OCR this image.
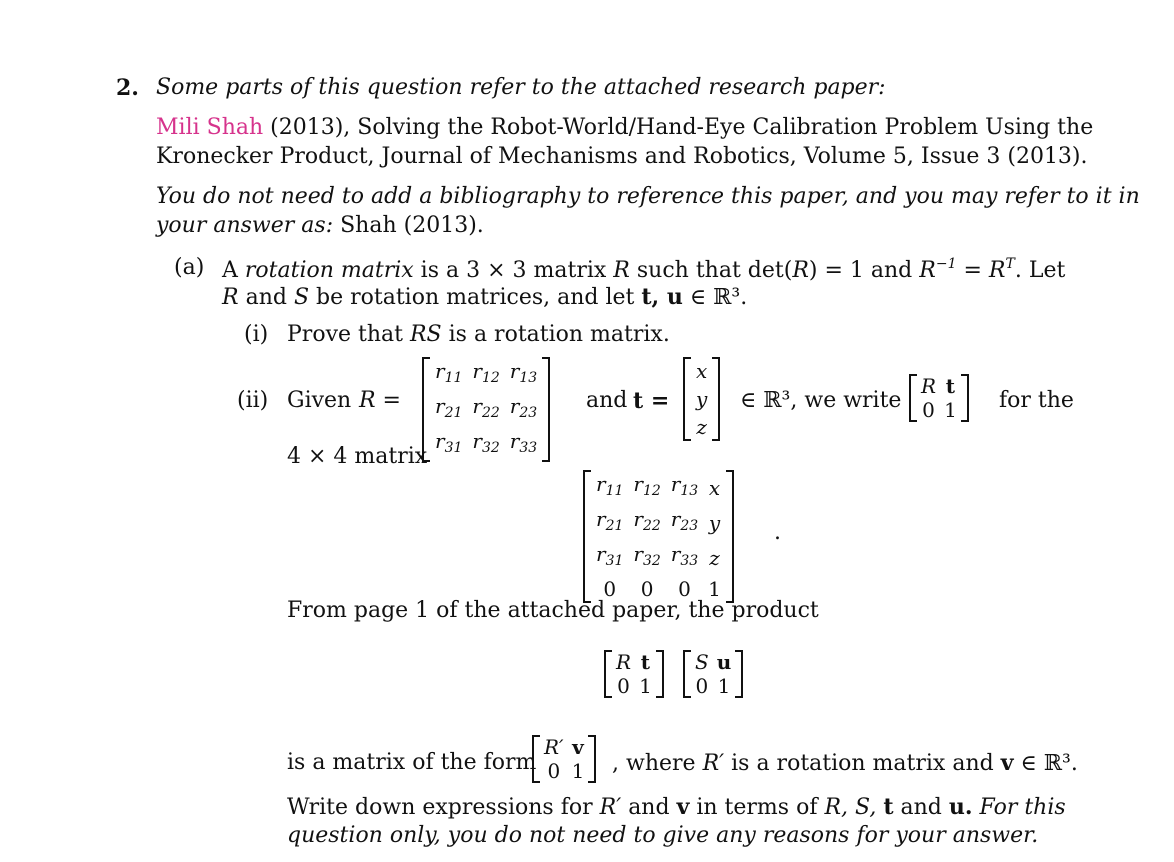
2. Some parts of this question refer to the attached research paper:
Mili Shah (2013), Solving the Robot-World/Hand-Eye Calibration Problem Using the
Kronecker Product, Journal of Mechanisms and Robotics, Volume 5, Issue 3 (2013).
You do not need to add a bibliography to reference this paper, and you may refer to it in
your answer as: Shah (2013).
(a) A rotation matrix is a 3 × 3 matrix R such that det(R) = 1 and $R^{-1} = R^T$. Let
R and S be rotation matrices, and let t, u ∈ ℝ³.
(i) Prove that RS is a rotation matrix.
(ii) Given R =
$r_{11}$	$r_{12}$	$r_{13}$
$r_{21}$	$r_{22}$	$r_{23}$
$r_{31}$	$r_{32}$	$r_{33}$
and t =
x
y
z
∈ ℝ³, we write
R	t
0	1 for the
4 × 4 matrix
$r_{11}$	$r_{12}$	$r_{13}$	x
$r_{21}$	$r_{22}$	$r_{23}$	y
$r_{31}$	$r_{32}$	$r_{33}$	z
0	0	0	1
.
From page 1 of the attached paper, the product
R	t
0	1
S	u
0	1
is a matrix of the form
R′	v
0	1 , where R′ is a rotation matrix and v ∈ ℝ³.
Write down expressions for R′ and v in terms of R, S, t and u. For this
question only, you do not need to give any reasons for your answer.
